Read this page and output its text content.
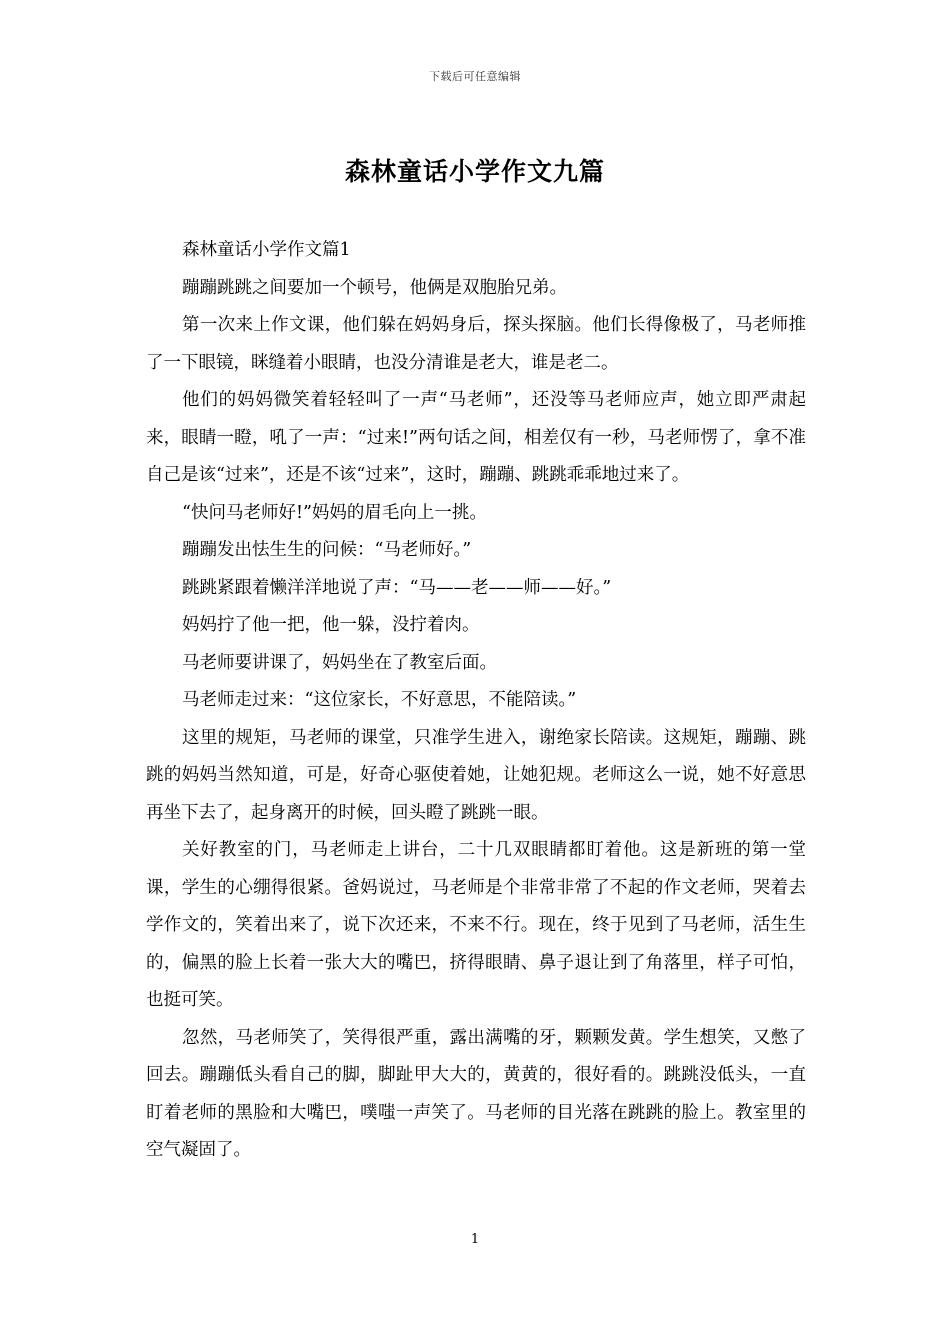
下载后可任意编辑
森林童话小学作文九篇

森林童话小学作文篇1

蹦蹦跳跳之间要加一个顿号，他俩是双胞胎兄弟。

第一次来上作文课，他们躲在妈妈身后，探头探脑。他们长得像极了，马老师推了一下眼镜，眯缝着小眼睛，也没分清谁是老大，谁是老二。

他们的妈妈微笑着轻轻叫了一声“马老师”，还没等马老师应声，她立即严肃起来，眼睛一瞪，吼了一声：“过来!”两句话之间，相差仅有一秒，马老师愣了，拿不准自己是该“过来”，还是不该“过来”，这时，蹦蹦、跳跳乖乖地过来了。

“快问马老师好!”妈妈的眉毛向上一挑。

蹦蹦发出怯生生的问候：“马老师好。”

跳跳紧跟着懒洋洋地说了声：“马——老——师——好。”

妈妈拧了他一把，他一躲，没拧着肉。

马老师要讲课了，妈妈坐在了教室后面。

马老师走过来：“这位家长，不好意思，不能陪读。”

这里的规矩，马老师的课堂，只准学生进入，谢绝家长陪读。这规矩，蹦蹦、跳跳的妈妈当然知道，可是，好奇心驱使着她，让她犯规。老师这么一说，她不好意思再坐下去了，起身离开的时候，回头瞪了跳跳一眼。

关好教室的门，马老师走上讲台，二十几双眼睛都盯着他。这是新班的第一堂课，学生的心绷得很紧。爸妈说过，马老师是个非常非常了不起的作文老师，哭着去学作文的，笑着出来了，说下次还来，不来不行。现在，终于见到了马老师，活生生的，偏黑的脸上长着一张大大的嘴巴，挤得眼睛、鼻子退让到了角落里，样子可怕，也挺可笑。

忽然，马老师笑了，笑得很严重，露出满嘴的牙，颗颗发黄。学生想笑，又憋了回去。蹦蹦低头看自己的脚，脚趾甲大大的，黄黄的，很好看的。跳跳没低头，一直盯着老师的黑脸和大嘴巴，噗嗤一声笑了。马老师的目光落在跳跳的脸上。教室里的空气凝固了。

1
